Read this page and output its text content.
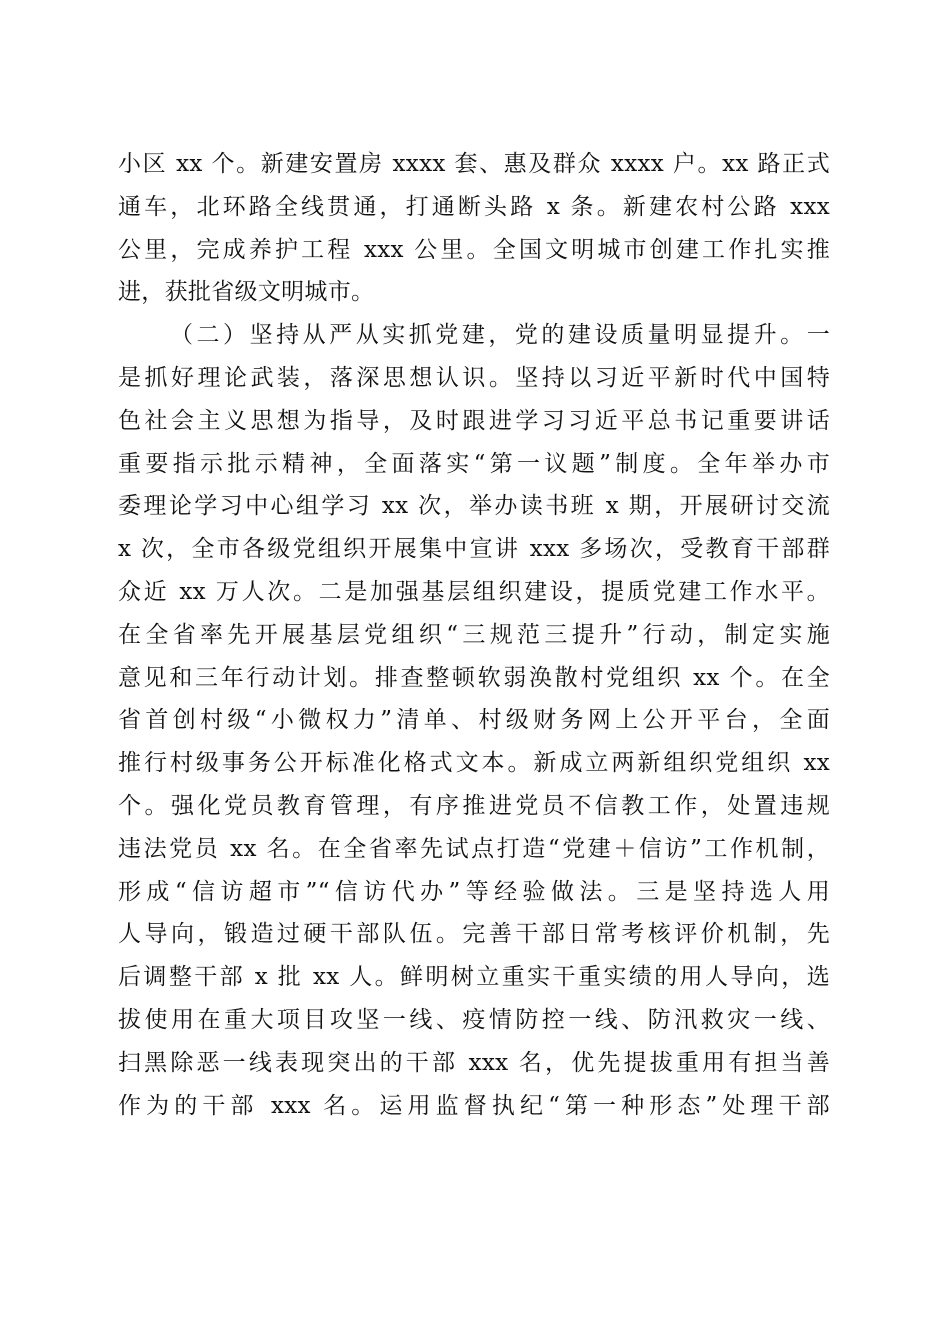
小区 xx 个。新建安置房 xxxx 套、惠及群众 xxxx 户。xx 路正式
通车，北环路全线贯通，打通断头路 x 条。新建农村公路 xxx
公里，完成养护工程 xxx 公里。全国文明城市创建工作扎实推
进，获批省级文明城市。
（二）坚持从严从实抓党建，党的建设质量明显提升。一
是抓好理论武装，落深思想认识。坚持以习近平新时代中国特
色社会主义思想为指导，及时跟进学习习近平总书记重要讲话
重要指示批示精神，全面落实“第一议题”制度。全年举办市
委理论学习中心组学习 xx 次，举办读书班 x 期，开展研讨交流
x 次，全市各级党组织开展集中宣讲 xxx 多场次，受教育干部群
众近 xx 万人次。二是加强基层组织建设，提质党建工作水平。
在全省率先开展基层党组织“三规范三提升”行动，制定实施
意见和三年行动计划。排查整顿软弱涣散村党组织 xx 个。在全
省首创村级“小微权力”清单、村级财务网上公开平台，全面
推行村级事务公开标准化格式文本。新成立两新组织党组织 xx
个。强化党员教育管理，有序推进党员不信教工作，处置违规
违法党员 xx 名。在全省率先试点打造“党建＋信访”工作机制，
形成“信访超市”“信访代办”等经验做法。三是坚持选人用
人导向，锻造过硬干部队伍。完善干部日常考核评价机制，先
后调整干部 x 批 xx 人。鲜明树立重实干重实绩的用人导向，选
拔使用在重大项目攻坚一线、疫情防控一线、防汛救灾一线、
扫黑除恶一线表现突出的干部 xxx 名，优先提拔重用有担当善
作为的干部 xxx 名。运用监督执纪“第一种形态”处理干部
